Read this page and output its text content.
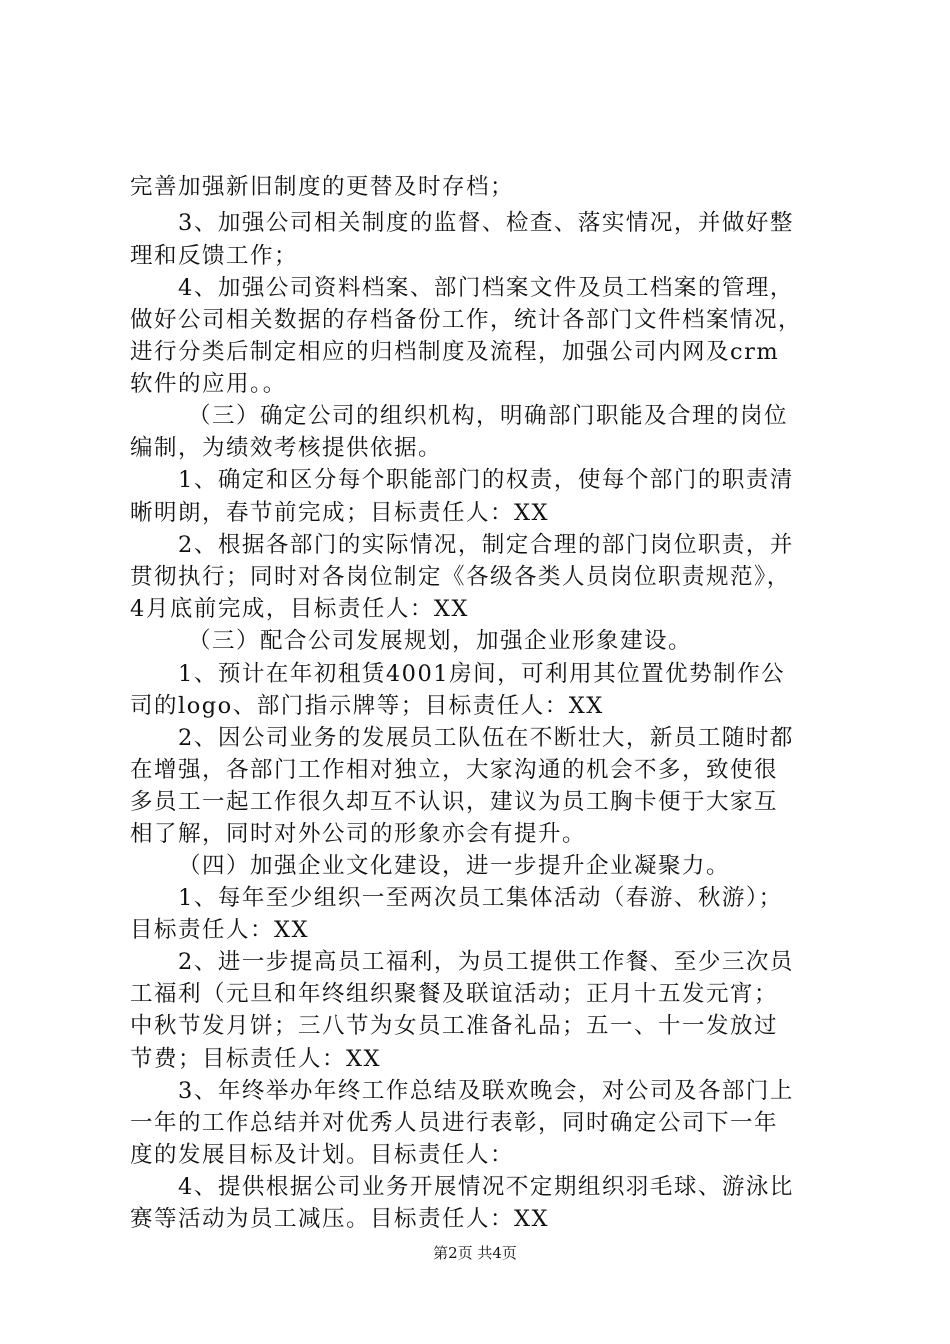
完善加强新旧制度的更替及时存档；
3、加强公司相关制度的监督、检查、落实情况，并做好整
理和反馈工作；
4、加强公司资料档案、部门档案文件及员工档案的管理，
做好公司相关数据的存档备份工作，统计各部门文件档案情况，
进行分类后制定相应的归档制度及流程，加强公司内网及crm
软件的应用。。
（三）确定公司的组织机构，明确部门职能及合理的岗位
编制，为绩效考核提供依据。
1、确定和区分每个职能部门的权责，使每个部门的职责清
晰明朗，春节前完成；目标责任人：XX
2、根据各部门的实际情况，制定合理的部门岗位职责，并
贯彻执行；同时对各岗位制定《各级各类人员岗位职责规范》，
4月底前完成，目标责任人：XX
（三）配合公司发展规划，加强企业形象建设。
1、预计在年初租赁4001房间，可利用其位置优势制作公
司的logo、部门指示牌等；目标责任人：XX
2、因公司业务的发展员工队伍在不断壮大，新员工随时都
在增强，各部门工作相对独立，大家沟通的机会不多，致使很
多员工一起工作很久却互不认识，建议为员工胸卡便于大家互
相了解，同时对外公司的形象亦会有提升。
（四）加强企业文化建设，进一步提升企业凝聚力。
1、每年至少组织一至两次员工集体活动（春游、秋游）；
目标责任人：XX
2、进一步提高员工福利，为员工提供工作餐、至少三次员
工福利（元旦和年终组织聚餐及联谊活动；正月十五发元宵；
中秋节发月饼；三八节为女员工准备礼品；五一、十一发放过
节费；目标责任人：XX
3、年终举办年终工作总结及联欢晚会，对公司及各部门上
一年的工作总结并对优秀人员进行表彰，同时确定公司下一年
度的发展目标及计划。目标责任人：
4、提供根据公司业务开展情况不定期组织羽毛球、游泳比
赛等活动为员工减压。目标责任人：XX
第2页 共4页
